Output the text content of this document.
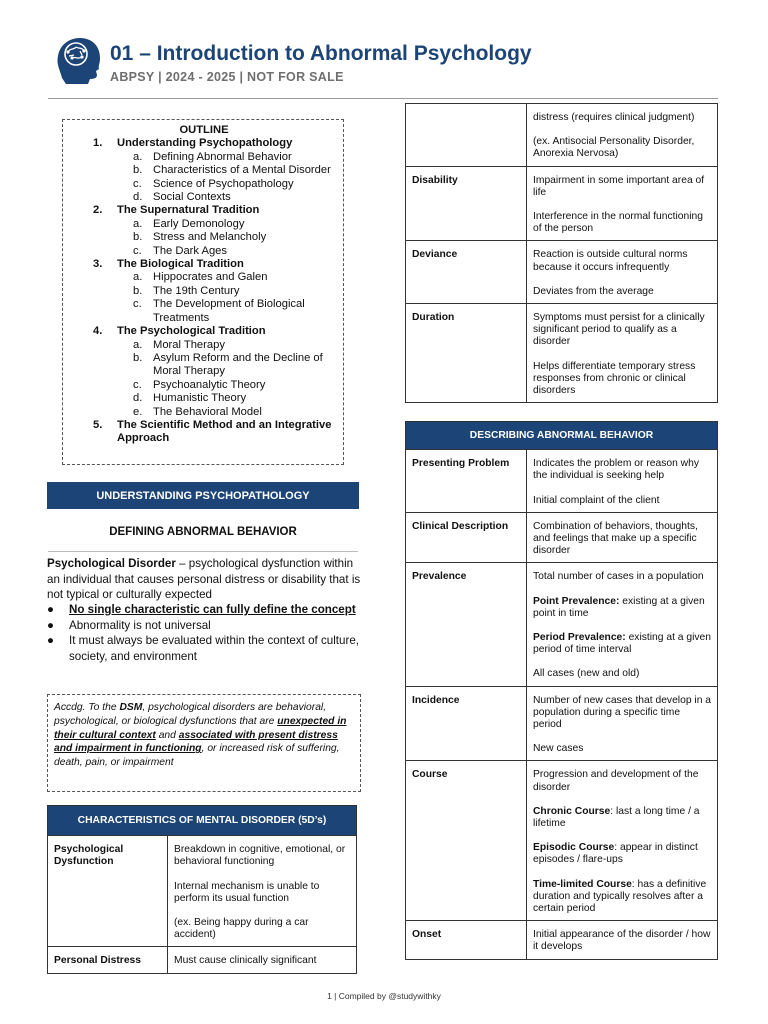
01 – Introduction to Abnormal Psychology
ABPSY | 2024 - 2025 | NOT FOR SALE
OUTLINE
1.	Understanding Psychopathology
a. Defining Abnormal Behavior
b. Characteristics of a Mental Disorder
c.	Science of Psychopathology
d. Social Contexts
2.	The Supernatural Tradition
a. Early Demonology
b. Stress and Melancholy
c.	The Dark Ages
3.	The Biological Tradition
a. Hippocrates and Galen
b. The 19th Century
c.	The Development of Biological Treatments
4.	The Psychological Tradition
a. Moral Therapy
b. Asylum Reform and the Decline of Moral Therapy
c.	Psychoanalytic Theory
d. Humanistic Theory
e. The Behavioral Model
5.	The Scientific Method and an Integrative Approach
UNDERSTANDING PSYCHOPATHOLOGY
DEFINING ABNORMAL BEHAVIOR
Psychological Disorder – psychological dysfunction within an individual that causes personal distress or disability that is not typical or culturally expected
●	No single characteristic can fully define the concept
●	Abnormality is not universal
●	It must always be evaluated within the context of culture, society, and environment
Accdg. To the DSM, psychological disorders are behavioral, psychological, or biological dysfunctions that are unexpected in their cultural context and associated with present distress and impairment in functioning, or increased risk of suffering, death, pain, or impairment
CHARACTERISTICS OF MENTAL DISORDER (5D’s)	
Psychological Dysfunction	Breakdown in cognitive, emotional, or behavioral functioning

Internal mechanism is unable to perform its usual function

(ex. Being happy during a car accident)

Personal Distress	Must cause clinically significant

	distress (requires clinical judgment)

(ex. Antisocial Personality Disorder, Anorexia Nervosa)

Disability	Impairment in some important area of life

Interference in the normal functioning of the person

Deviance	Reaction is outside cultural norms because it occurs infrequently

Deviates from the average

Duration	Symptoms must persist for a clinically significant period to qualify as a disorder

Helps differentiate temporary stress responses from chronic or clinical disorders

DESCRIBING ABNORMAL BEHAVIOR	
Presenting Problem	Indicates the problem or reason why the individual is seeking help

Initial complaint of the client

Clinical Description	Combination of behaviors, thoughts, and feelings that make up a specific disorder

Prevalence	Total number of cases in a population

Point Prevalence: existing at a given point in time

Period Prevalence: existing at a given period of time interval

All cases (new and old)

Incidence	Number of new cases that develop in a population during a specific time period

New cases

Course	Progression and development of the disorder

Chronic Course: last a long time / a lifetime

Episodic Course: appear in distinct episodes / flare-ups

Time-limited Course: has a definitive duration and typically resolves after a certain period

Onset	Initial appearance of the disorder / how it develops

1 | Compiled by @studywithky
